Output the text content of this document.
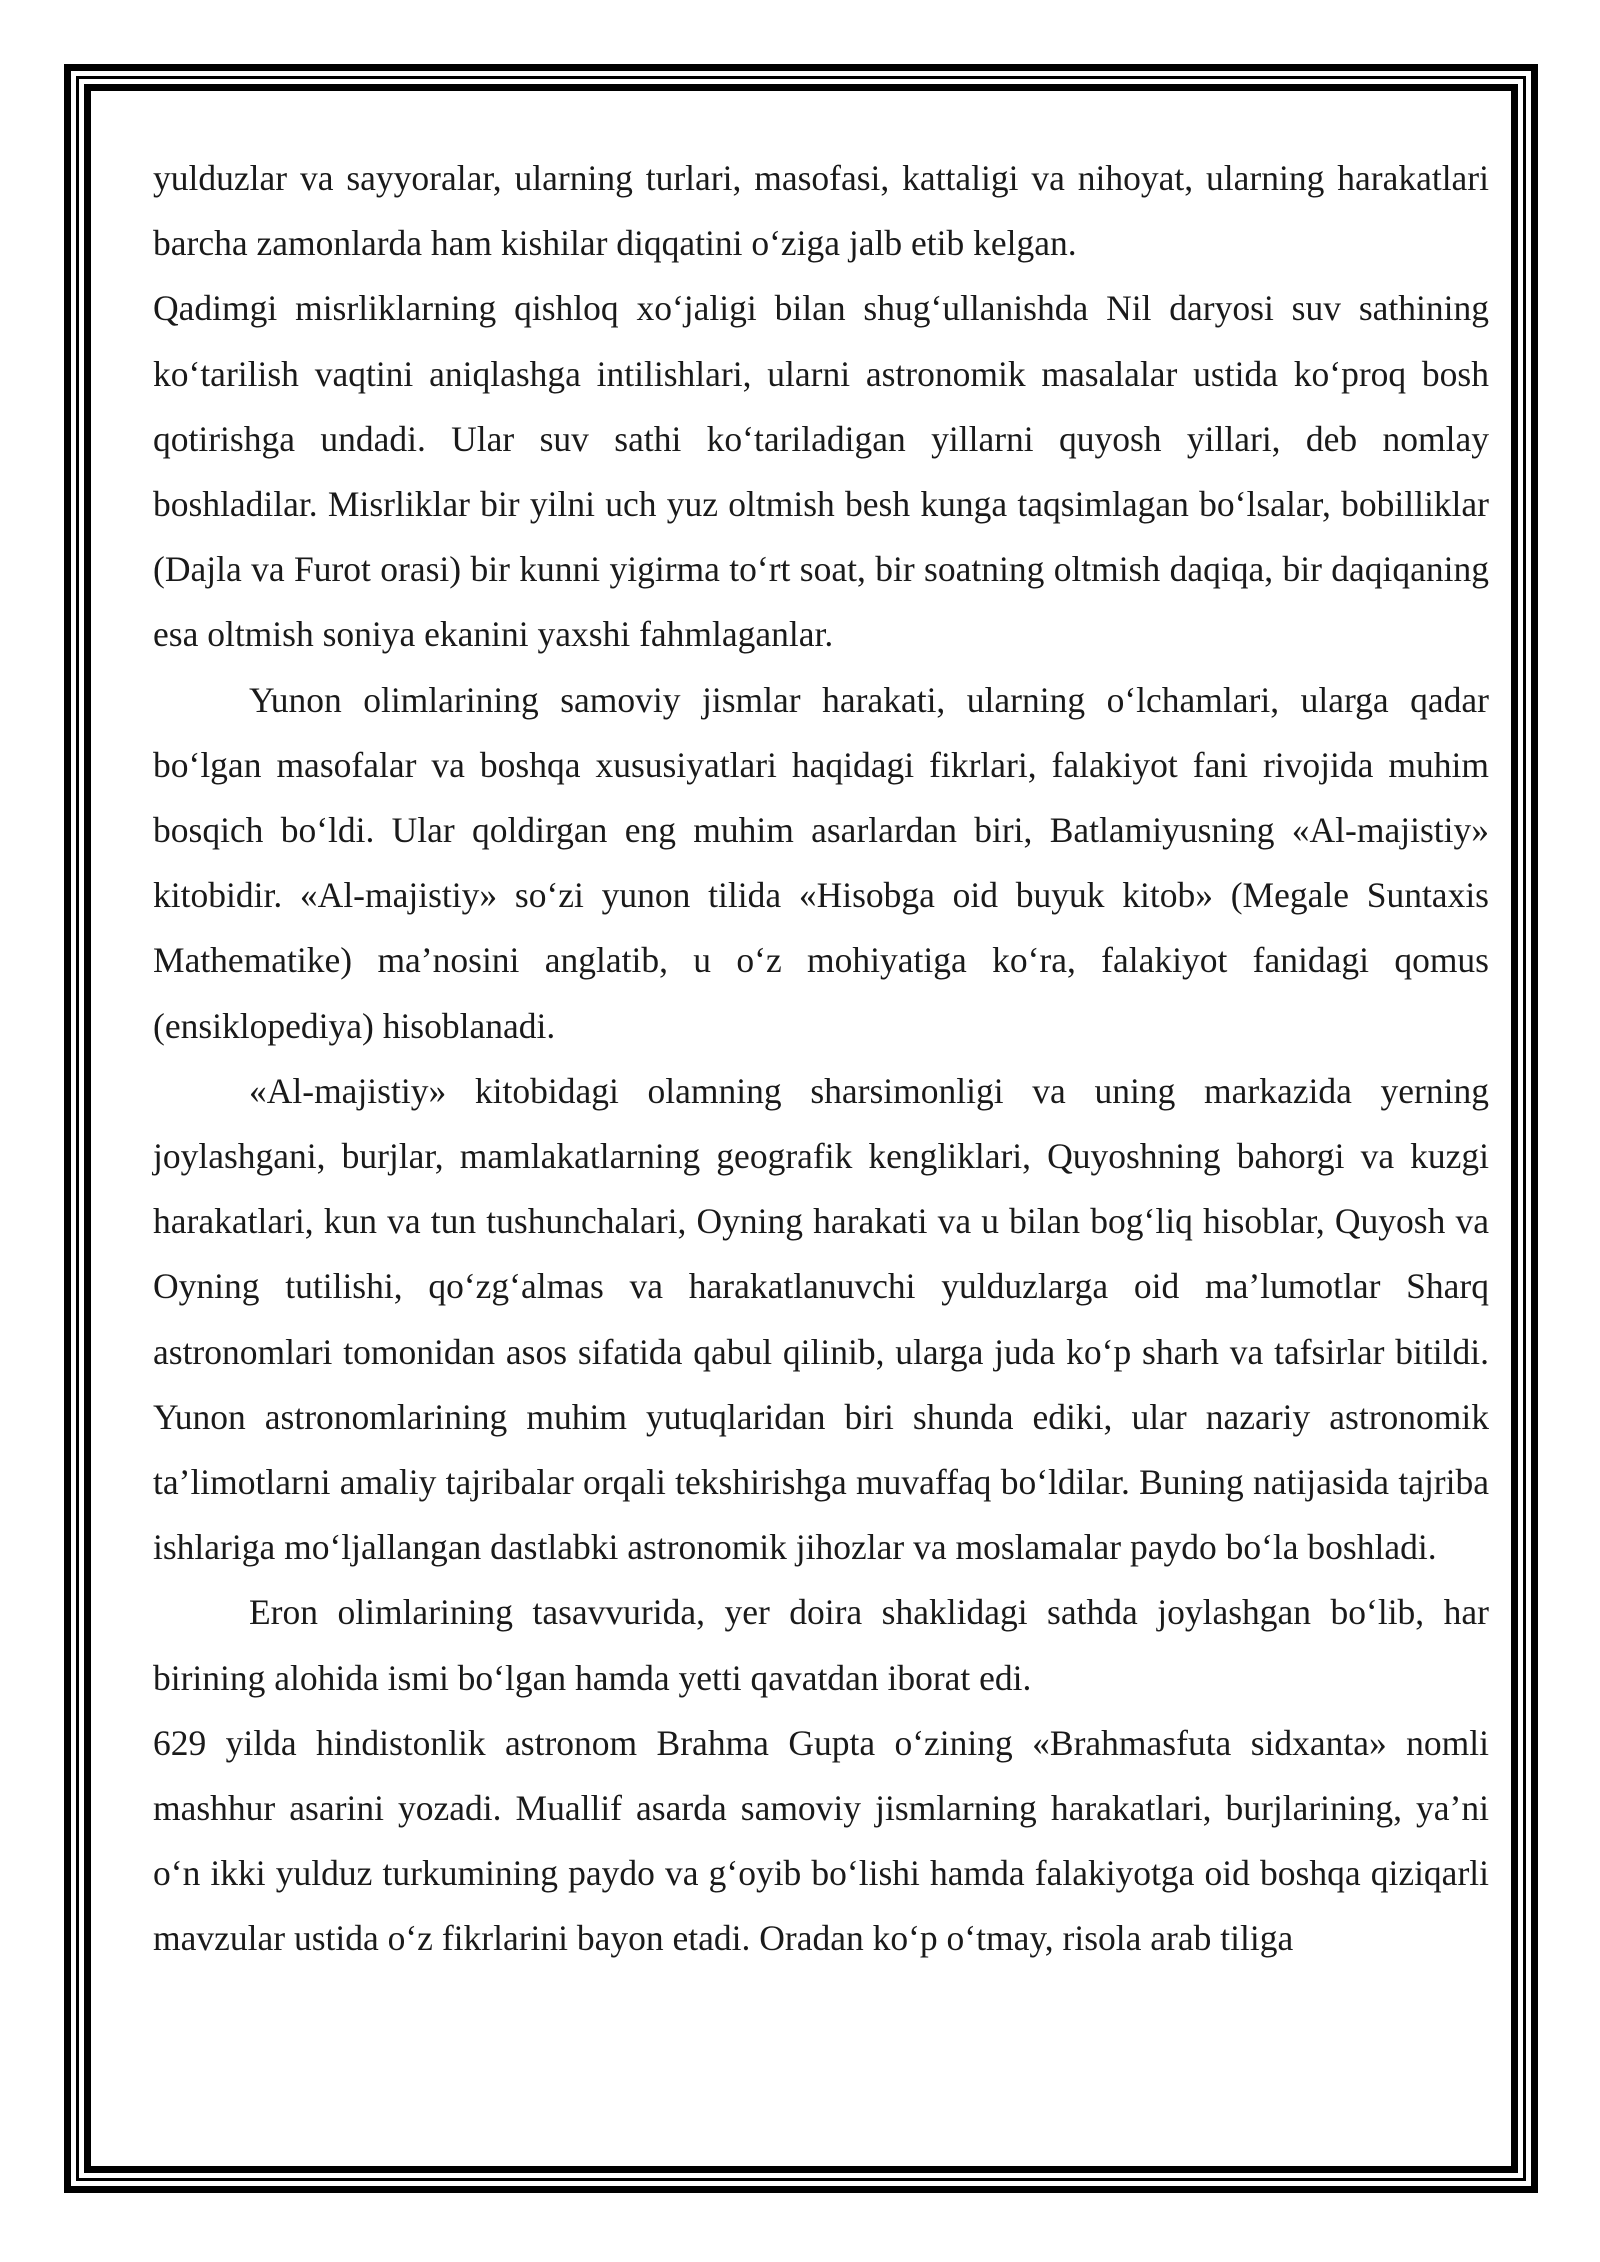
yulduzlar va sayyoralar, ularning turlari, masofasi, kattaligi va nihoyat, ularning harakatlari barcha zamonlarda ham kishilar diqqatini o‘ziga jalb etib kelgan.

Qadimgi misrliklarning qishloq xo‘jaligi bilan shug‘ullanishda Nil daryosi suv sathining ko‘tarilish vaqtini aniqlashga intilishlari, ularni astronomik masalalar ustida ko‘proq bosh qotirishga undadi. Ular suv sathi ko‘tariladigan yillarni quyosh yillari, deb nomlay boshladilar. Misrliklar bir yilni uch yuz oltmish besh kunga taqsimlagan bo‘lsalar, bobilliklar (Dajla va Furot orasi) bir kunni yigirma to‘rt soat, bir soatning oltmish daqiqa, bir daqiqaning esa oltmish soniya ekanini yaxshi fahmlaganlar.

Yunon olimlarining samoviy jismlar harakati, ularning o‘lchamlari, ularga qadar bo‘lgan masofalar va boshqa xususiyatlari haqidagi fikrlari, falakiyot fani rivojida muhim bosqich bo‘ldi. Ular qoldirgan eng muhim asarlardan biri, Batlamiyusning «Al-majistiy» kitobidir. «Al-majistiy» so‘zi yunon tilida «Hisobga oid buyuk kitob» (Megale Suntaxis Mathematike) ma’nosini anglatib, u o‘z mohiyatiga ko‘ra, falakiyot fanidagi qomus (ensiklopediya) hisoblanadi.

«Al-majistiy» kitobidagi olamning sharsimonligi va uning markazida yerning joylashgani, burjlar, mamlakatlarning geografik kengliklari, Quyoshning bahorgi va kuzgi harakatlari, kun va tun tushunchalari, Oyning harakati va u bilan bog‘liq hisoblar, Quyosh va Oyning tutilishi, qo‘zg‘almas va harakatlanuvchi yulduzlarga oid ma’lumotlar Sharq astronomlari tomonidan asos sifatida qabul qilinib, ularga juda ko‘p sharh va tafsirlar bitildi. Yunon astronomlarining muhim yutuqlaridan biri shunda ediki, ular nazariy astronomik ta’limotlarni amaliy tajribalar orqali tekshirishga muvaffaq bo‘ldilar. Buning natijasida tajriba ishlariga mo‘ljallangan dastlabki astronomik jihozlar va moslamalar paydo bo‘la boshladi.

Eron olimlarining tasavvurida, yer doira shaklidagi sathda joylashgan bo‘lib, har birining alohida ismi bo‘lgan hamda yetti qavatdan iborat edi.

629 yilda hindistonlik astronom Brahma Gupta o‘zining «Brahmasfuta sidxanta» nomli mashhur asarini yozadi. Muallif asarda samoviy jismlarning harakatlari, burjlarining, ya’ni o‘n ikki yulduz turkumining paydo va g‘oyib bo‘lishi hamda falakiyotga oid boshqa qiziqarli mavzular ustida o‘z fikrlarini bayon etadi. Oradan ko‘p o‘tmay, risola arab tiliga
